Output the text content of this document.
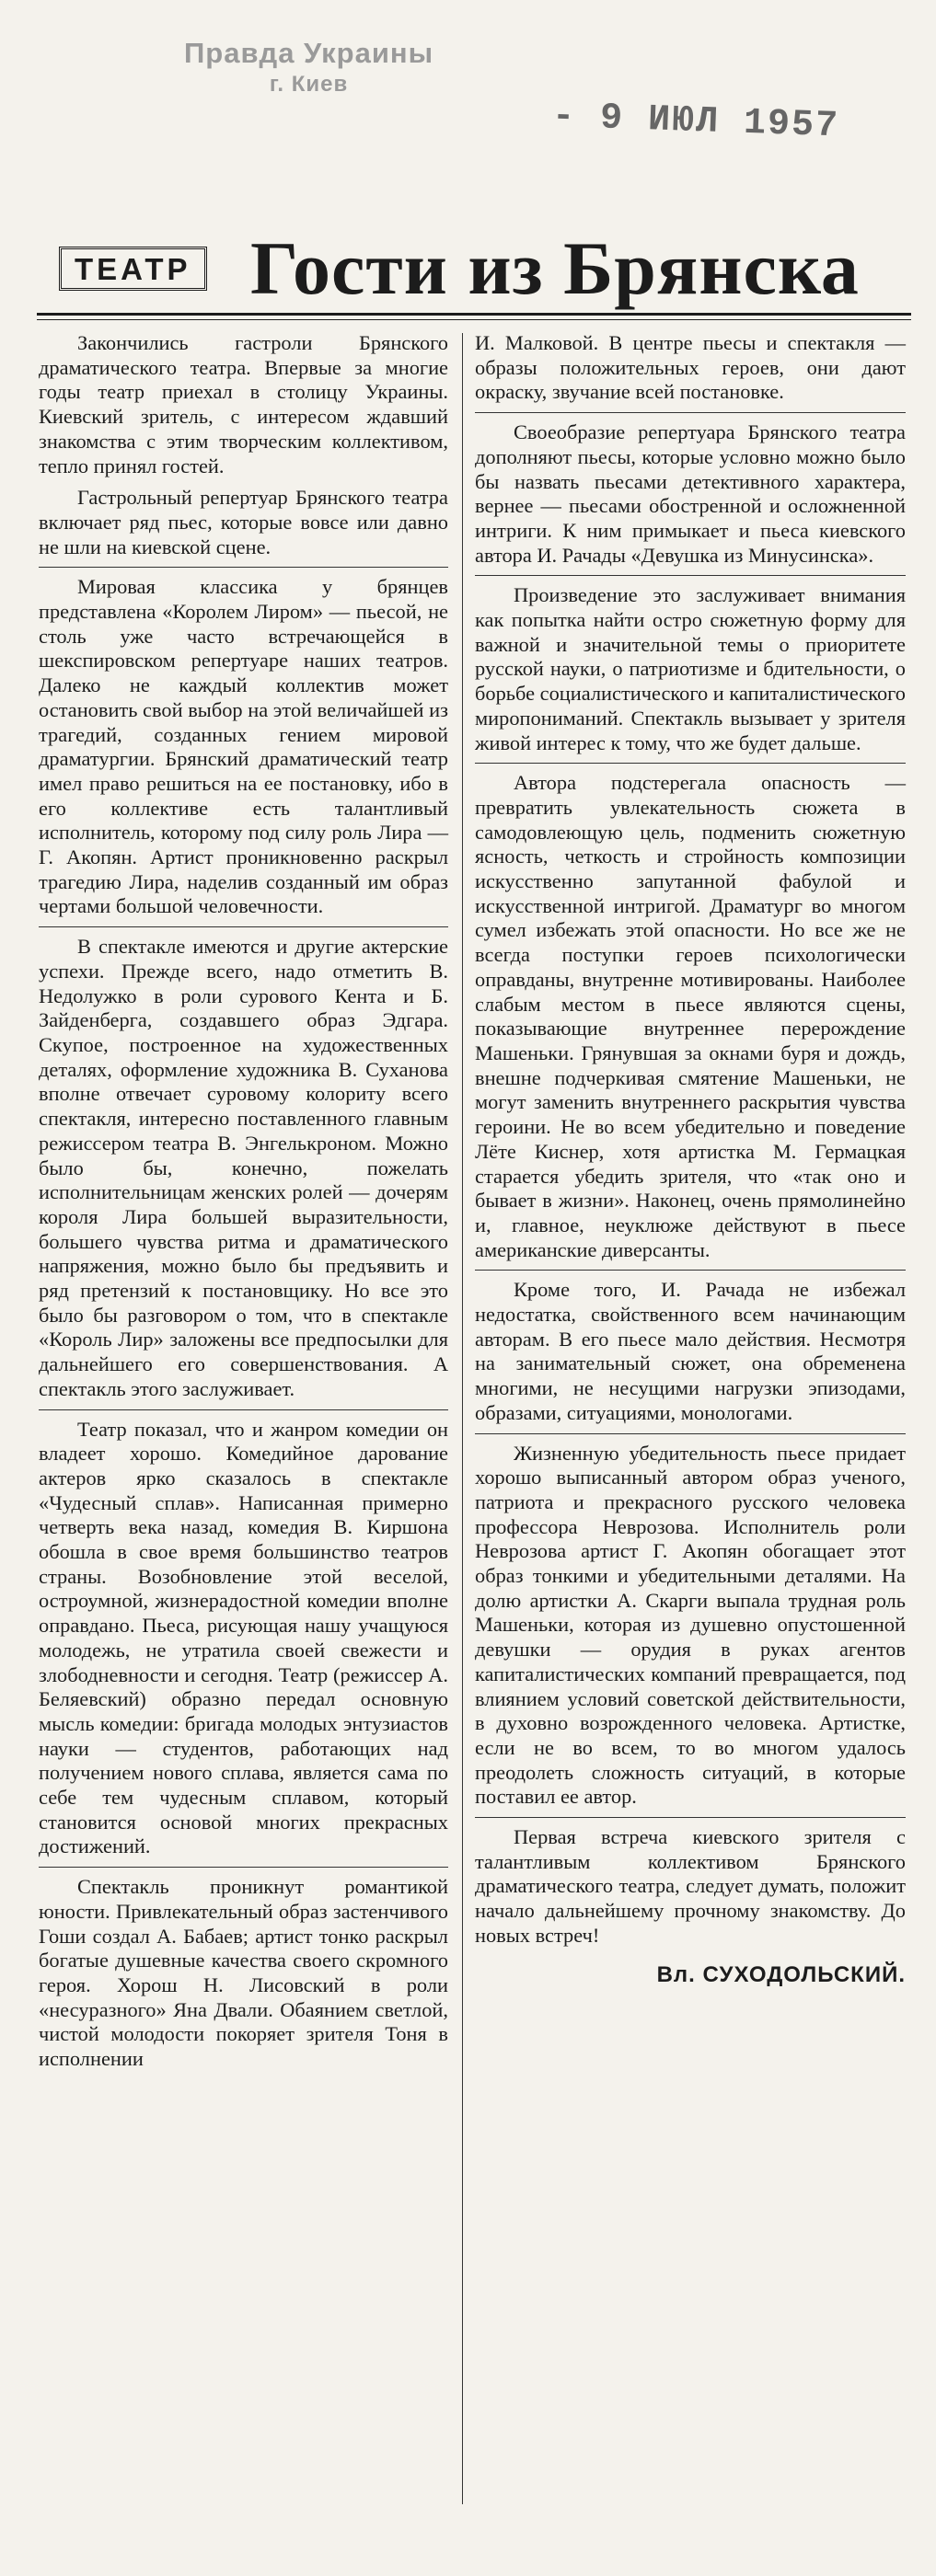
Правда Украины
г. Киев
- 9 ИЮЛ 1957
ТЕАТР Гости из Брянска

Закончились гастроли Брянского драматического театра. Впервые за многие годы театр приехал в столицу Украины. Киевский зритель, с интересом ждавший знакомства с этим творческим коллективом, тепло принял гостей.

Гастрольный репертуар Брянского театра включает ряд пьес, которые вовсе или давно не шли на киевской сцене.

Мировая классика у брянцев представлена «Королем Лиром» — пьесой, не столь уже часто встречающейся в шекспировском репертуаре наших театров. Далеко не каждый коллектив может остановить свой выбор на этой величайшей из трагедий, созданных гением мировой драматургии. Брянский драматический театр имел право решиться на ее постановку, ибо в его коллективе есть талантливый исполнитель, которому под силу роль Лира —Г. Акопян. Артист проникновенно раскрыл трагедию Лира, наделив созданный им образ чертами большой человечности.

В спектакле имеются и другие актерские успехи. Прежде всего, надо отметить В. Недолужко в роли сурового Кента и Б. Зайденберга, создавшего образ Эдгара. Скупое, построенное на художественных деталях, оформление художника В. Суханова вполне отвечает суровому колориту всего спектакля, интересно поставленного главным режиссером театра В. Энгелькроном. Можно было бы, конечно, пожелать исполнительницам женских ролей — дочерям короля Лира большей выразительности, большего чувства ритма и драматического напряжения, можно было бы предъявить и ряд претензий к постановщику. Но все это было бы разговором о том, что в спектакле «Король Лир» заложены все предпосылки для дальнейшего его совершенствования. А спектакль этого заслуживает.

Театр показал, что и жанром комедии он владеет хорошо. Комедийное дарование актеров ярко сказалось в спектакле «Чудесный сплав». Написанная примерно четверть века назад, комедия В. Киршона обошла в свое время большинство театров страны. Возобновление этой веселой, остроумной, жизнерадостной комедии вполне оправдано. Пьеса, рисующая нашу учащуюся молодежь, не утратила своей свежести и злободневности и сегодня. Театр (режиссер А. Беляевский) образно передал основную мысль комедии: бригада молодых энтузиастов науки — студентов, работающих над получением нового сплава, является сама по себе тем чудесным сплавом, который становится основой многих прекрасных достижений.

Спектакль проникнут романтикой юности. Привлекательный образ застенчивого Гоши создал А. Бабаев; артист тонко раскрыл богатые душевные качества своего скромного героя. Хорош Н. Лисовский в роли «несуразного» Яна Двали. Обаянием светлой, чистой молодости покоряет зрителя Тоня в исполнении

И. Малковой. В центре пьесы и спектакля — образы положительных героев, они дают окраску, звучание всей постановке.

Своеобразие репертуара Брянского театра дополняют пьесы, которые условно можно было бы назвать пьесами детективного характера, вернее — пьесами обостренной и осложненной интриги. К ним примыкает и пьеса киевского автора И. Рачады «Девушка из Минусинска».

Произведение это заслуживает внимания как попытка найти остро сюжетную форму для важной и значительной темы о приоритете русской науки, о патриотизме и бдительности, о борьбе социалистического и капиталистического миропониманий. Спектакль вызывает у зрителя живой интерес к тому, что же будет дальше.

Автора подстерегала опасность — превратить увлекательность сюжета в самодовлеющую цель, подменить сюжетную ясность, четкость и стройность композиции искусственно запутанной фабулой и искусственной интригой. Драматург во многом сумел избежать этой опасности. Но все же не всегда поступки героев психологически оправданы, внутренне мотивированы. Наиболее слабым местом в пьесе являются сцены, показывающие внутреннее перерождение Машеньки. Грянувшая за окнами буря и дождь, внешне подчеркивая смятение Машеньки, не могут заменить внутреннего раскрытия чувства героини. Не во всем убедительно и поведение Лёте Киснер, хотя артистка М. Гермацкая старается убедить зрителя, что «так оно и бывает в жизни». Наконец, очень прямолинейно и, главное, неуклюже действуют в пьесе американские диверсанты.

Кроме того, И. Рачада не избежал недостатка, свойственного всем начинающим авторам. В его пьесе мало действия. Несмотря на занимательный сюжет, она обременена многими, не несущими нагрузки эпизодами, образами, ситуациями, монологами.

Жизненную убедительность пьесе придает хорошо выписанный автором образ ученого, патриота и прекрасного русского человека профессора Неврозова. Исполнитель роли Неврозова артист Г. Акопян обогащает этот образ тонкими и убедительными деталями. На долю артистки А. Скарги выпала трудная роль Машеньки, которая из душевно опустошенной девушки — орудия в руках агентов капиталистических компаний превращается, под влиянием условий советской действительности, в духовно возрожденного человека. Артистке, если не во всем, то во многом удалось преодолеть сложность ситуаций, в которые поставил ее автор.

Первая встреча киевского зрителя с талантливым коллективом Брянского драматического театра, следует думать, положит начало дальнейшему прочному знакомству. До новых встреч!

Вл. СУХОДОЛЬСКИЙ.
